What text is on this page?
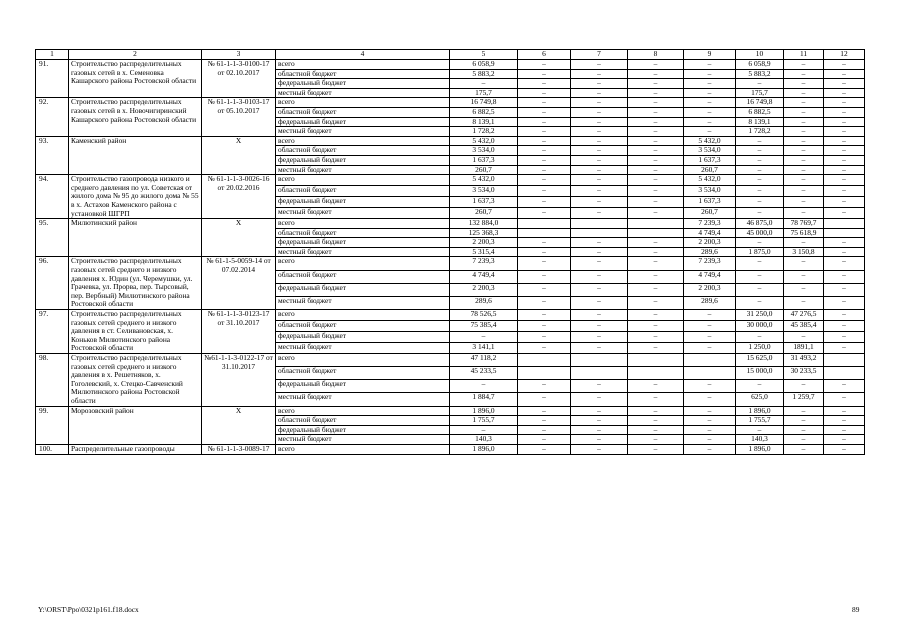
1	2	3	4	5	6	7	8	9	10	11	12
91.	Строительство распределительных газовых сетей в х. Семеновка Кашарского района Ростовской области	№ 61-1-1-3-0100-17 от 02.10.2017	всего	6 058,9	–	–	–	–	6 058,9	–	–
			областной бюджет	5 883,2	–	–	–	–	5 883,2	–	–
			федеральный бюджет	–	–	–	–	–	–	–	–
			местный бюджет	175,7	–	–	–	–	175,7	–	–
92.	Строительство распределительных газовых сетей в х. Новочигиринский Кашарского района Ростовской области	№ 61-1-1-3-0103-17 от 05.10.2017	всего	16 749,8	–	–	–	–	16 749,8	–	–
			областной бюджет	6 882,5	–	–	–	–	6 882,5	–	–
			федеральный бюджет	8 139,1	–	–	–	–	8 139,1	–	–
			местный бюджет	1 728,2	–	–	–	–	1 728,2	–	–
93.	Каменский район	Х	всего	5 432,0	–	–	–	5 432,0	–	–	–
			областной бюджет	3 534,0	–	–	–	3 534,0	–	–	–
			федеральный бюджет	1 637,3	–	–	–	1 637,3	–	–	–
			местный бюджет	260,7	–	–	–	260,7	–	–	–
94.	Строительство газопровода низкого и среднего давления по ул. Советская от жилого дома № 95 до жилого дома № 55 в х. Астахов Каменского района с установкой ШГРП	№ 61-1-1-3-0026-16 от 20.02.2016	всего	5 432,0	–	–	–	5 432,0	–	–	–
			областной бюджет	3 534,0	–	–	–	3 534,0	–	–	–
			федеральный бюджет	1 637,3	–	–	–	1 637,3	–	–	–
			местный бюджет	260,7	–	–	–	260,7	–	–	–
95.	Милютинский район	Х	всего	132 884,0				7 239,3	46 875,0	78 769,7	
			областной бюджет	125 368,3				4 749,4	45 000,0	75 618,9	
			федеральный бюджет	2 200,3	–	–	–	2 200,3	–	–	–
			местный бюджет	5 315,4	–	–	–	289,6	1 875,0	3 150,8	–
96.	Строительство распределительных газовых сетей среднего и низкого давления х. Юдин (ул. Черемушки, ул. Грачевка, ул. Прорва, пер. Тырсовый, пер. Вербный) Милютинского района Ростовской области	№ 61-1-5-0059-14 от 07.02.2014	всего	7 239,3	–	–	–	7 239,3	–	–	–
			областной бюджет	4 749,4	–	–	–	4 749,4	–	–	–
			федеральный бюджет	2 200,3	–	–	–	2 200,3	–	–	–
			местный бюджет	289,6	–	–	–	289,6	–	–	–
97.	Строительство распределительных газовых сетей среднего и низкого давления в ст. Селивановская, х. Коньков Милютинского района Ростовской области	№ 61-1-1-3-0123-17 от 31.10.2017	всего	78 526,5	–	–	–	–	31 250,0	47 276,5	–
			областной бюджет	75 385,4	–	–	–	–	30 000,0	45 385,4	–
			федеральный бюджет	–	–	–	–	–	–	–	–
			местный бюджет	3 141,1	–	–	–	–	1 250,0	1891,1	–
98.	Строительство распределительных газовых сетей среднего и низкого давления в х. Решетняков, х. Гоголевский, х. Стецко-Савченский Милютинского района Ростовской области	№61-1-1-3-0122-17 от 31.10.2017	всего	47 118,2					15 625,0	31 493,2	
			областной бюджет	45 233,5					15 000,0	30 233,5	
			федеральный бюджет	–	–	–	–	–	–	–	–
			местный бюджет	1 884,7	–	–	–	–	625,0	1 259,7	–
99.	Морозовский район	Х	всего	1 896,0	–	–	–	–	1 896,0	–	–
			областной бюджет	1 755,7	–	–	–	–	1 755,7	–	–
			федеральный бюджет	–	–	–	–	–	–	–	–
			местный бюджет	140,3	–	–	–	–	140,3	–	–
100.	Распределительные газопроводы	№ 61-1-1-3-0089-17	всего	1 896,0	–	–	–	–	1 896,0	–	–
Y:\ORST\Ppo\0321p161.f18.docx	89
